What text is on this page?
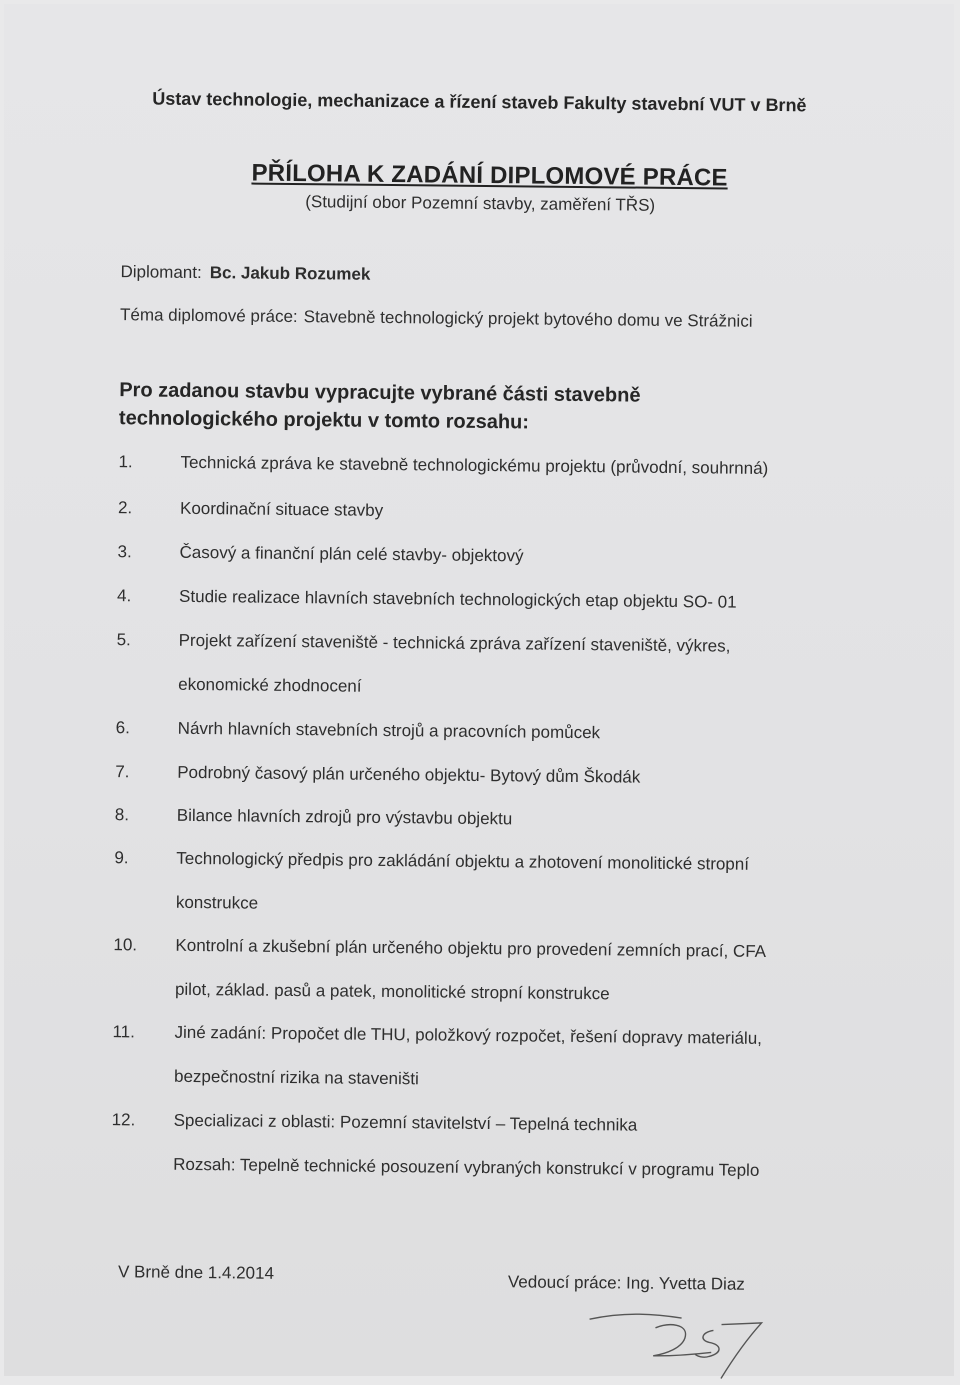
Ústav technologie, mechanizace a řízení staveb Fakulty stavební VUT v Brně
PŘÍLOHA K ZADÁNÍ DIPLOMOVÉ PRÁCE
(Studijní obor Pozemní stavby, zaměření TŘS)
Diplomant: Bc. Jakub Rozumek
Téma diplomové práce: Stavebně technologický projekt bytového domu ve Strážnici
Pro zadanou stavbu vypracujte vybrané části stavebně technologického projektu v tomto rozsahu:
1.	Technická zpráva ke stavebně technologickému projektu (průvodní, souhrnná)
2.	Koordinační situace stavby
3.	Časový a finanční plán celé stavby- objektový
4.	Studie realizace hlavních stavebních technologických etap objektu SO- 01
5.	Projekt zařízení staveniště - technická zpráva zařízení staveniště, výkres,
ekonomické zhodnocení
6.	Návrh hlavních stavebních strojů a pracovních pomůcek
7.	Podrobný časový plán určeného objektu- Bytový dům Škodák
8.	Bilance hlavních zdrojů pro výstavbu objektu
9.	Technologický předpis pro zakládání objektu a zhotovení monolitické stropní
konstrukce
10. Kontrolní a zkušební plán určeného objektu pro provedení zemních prací, CFA
pilot, základ. pasů a patek, monolitické stropní konstrukce
11. Jiné zadání: Propočet dle THU, položkový rozpočet, řešení dopravy materiálu,
bezpečnostní rizika na staveništi
12. Specializaci z oblasti: Pozemní stavitelství – Tepelná technika
Rozsah: Tepelně technické posouzení vybraných konstrukcí v programu Teplo
V Brně dne 1.4.2014	Vedoucí práce: Ing. Yvetta Diaz
